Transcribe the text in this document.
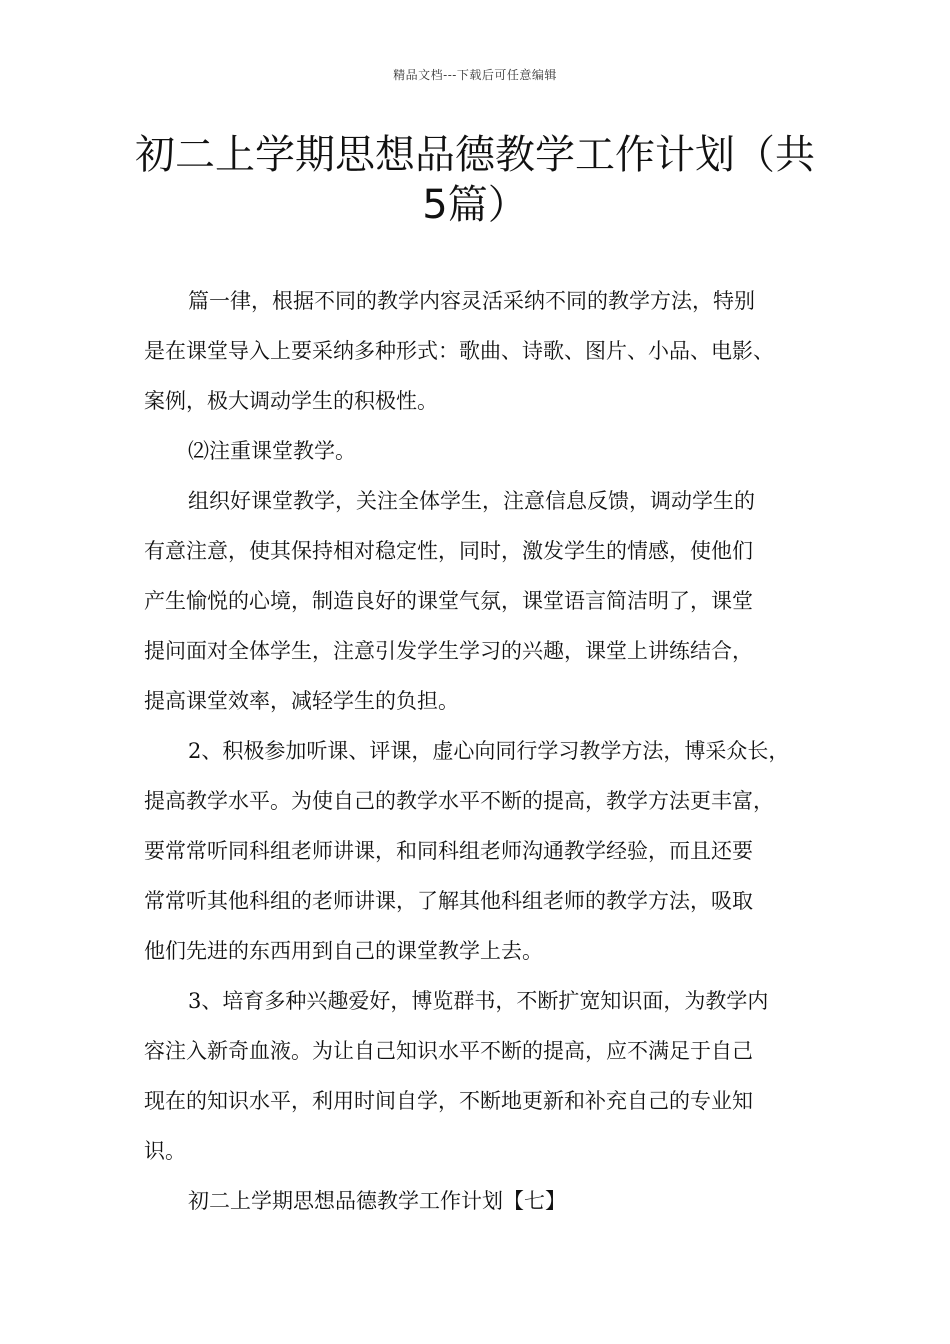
精品文档---下载后可任意编辑
初二上学期思想品德教学工作计划（共
5篇）

篇一律，根据不同的教学内容灵活采纳不同的教学方法，特别
是在课堂导入上要采纳多种形式：歌曲、诗歌、图片、小品、电影、
案例，极大调动学生的积极性。

⑵注重课堂教学。

组织好课堂教学，关注全体学生，注意信息反馈，调动学生的
有意注意，使其保持相对稳定性，同时，激发学生的情感，使他们
产生愉悦的心境，制造良好的课堂气氛，课堂语言简洁明了，课堂
提问面对全体学生，注意引发学生学习的兴趣，课堂上讲练结合，
提高课堂效率，减轻学生的负担。

2、积极参加听课、评课，虚心向同行学习教学方法，博采众长，
提高教学水平。为使自己的教学水平不断的提高，教学方法更丰富，
要常常听同科组老师讲课，和同科组老师沟通教学经验，而且还要
常常听其他科组的老师讲课，了解其他科组老师的教学方法，吸取
他们先进的东西用到自己的课堂教学上去。

3、培育多种兴趣爱好，博览群书，不断扩宽知识面，为教学内
容注入新奇血液。为让自己知识水平不断的提高，应不满足于自己
现在的知识水平，利用时间自学，不断地更新和补充自己的专业知
识。

初二上学期思想品德教学工作计划【七】
